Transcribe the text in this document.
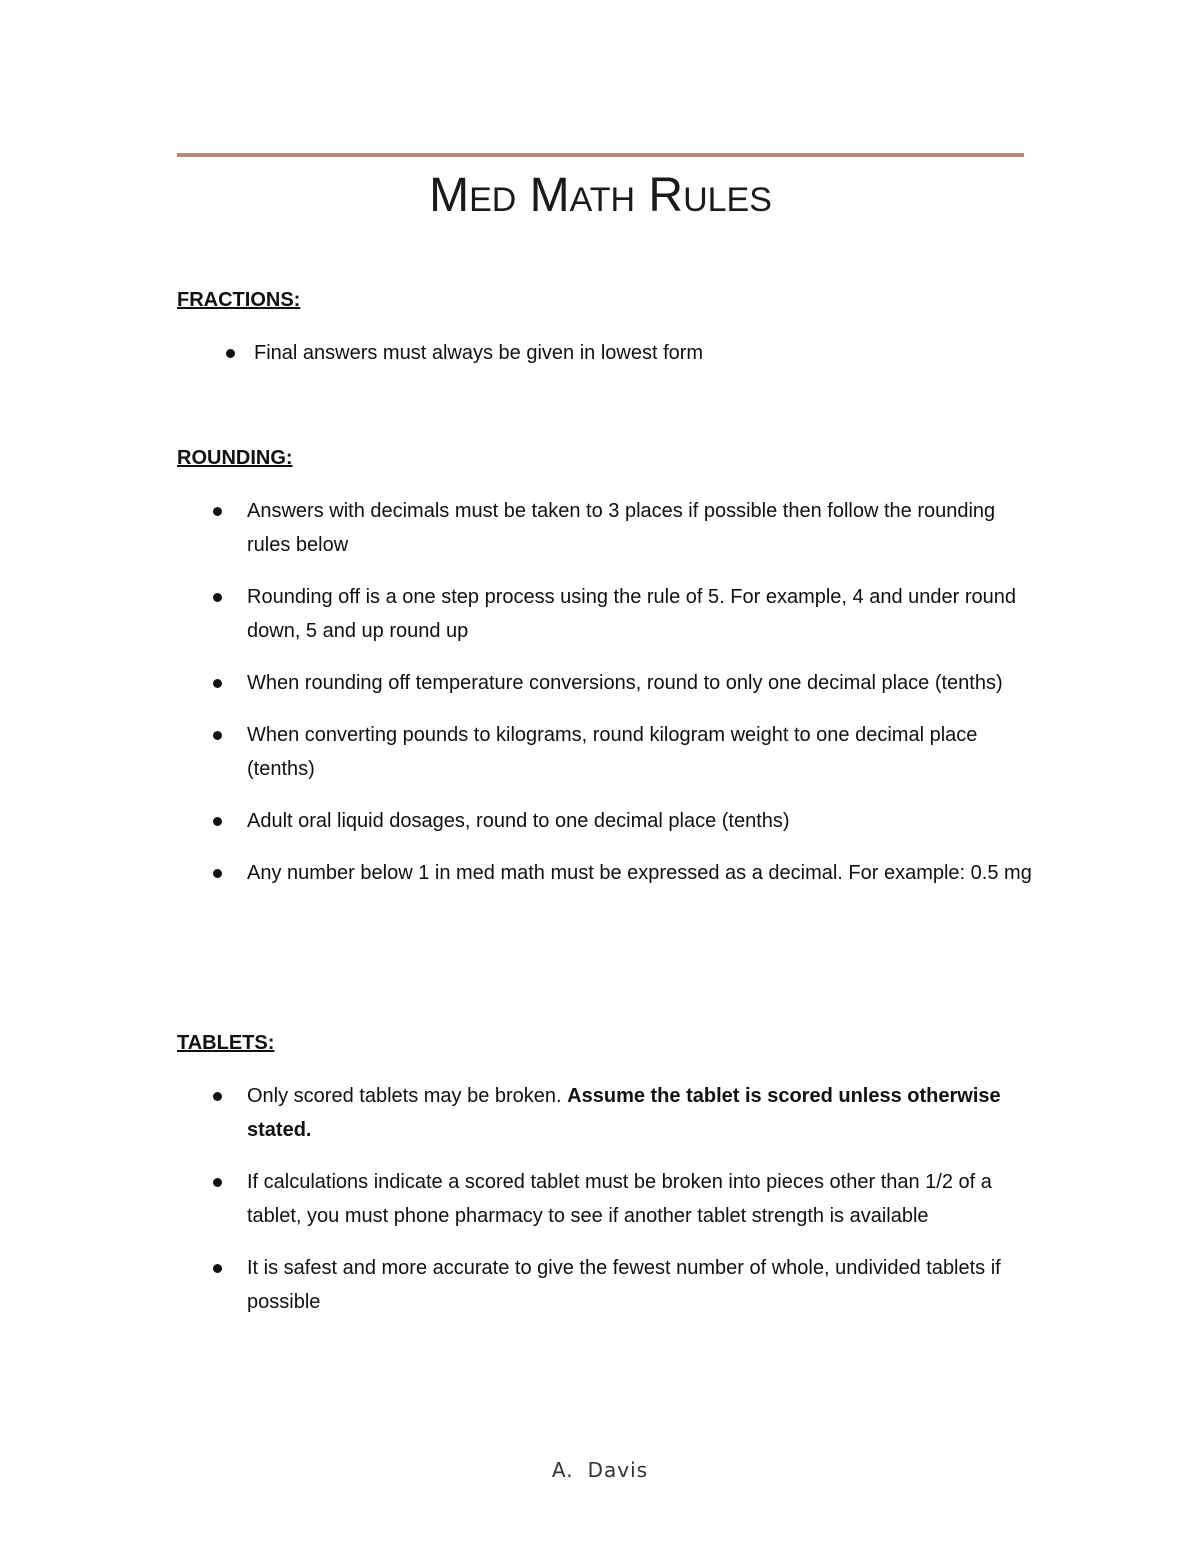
Med Math Rules
FRACTIONS:
Final answers must always be given in lowest form
ROUNDING:
Answers with decimals must be taken to 3 places if possible then follow the rounding rules below
Rounding off is a one step process using the rule of 5. For example, 4 and under round down, 5 and up round up
When rounding off temperature conversions, round to only one decimal place (tenths)
When converting pounds to kilograms, round kilogram weight to one decimal place (tenths)
Adult oral liquid dosages, round to one decimal place (tenths)
Any number below 1 in med math must be expressed as a decimal. For example: 0.5 mg
TABLETS:
Only scored tablets may be broken. Assume the tablet is scored unless otherwise stated.
If calculations indicate a scored tablet must be broken into pieces other than 1/2 of a tablet, you must phone pharmacy to see if another tablet strength is available
It is safest and more accurate to give the fewest number of whole, undivided tablets if possible
A. Davis
